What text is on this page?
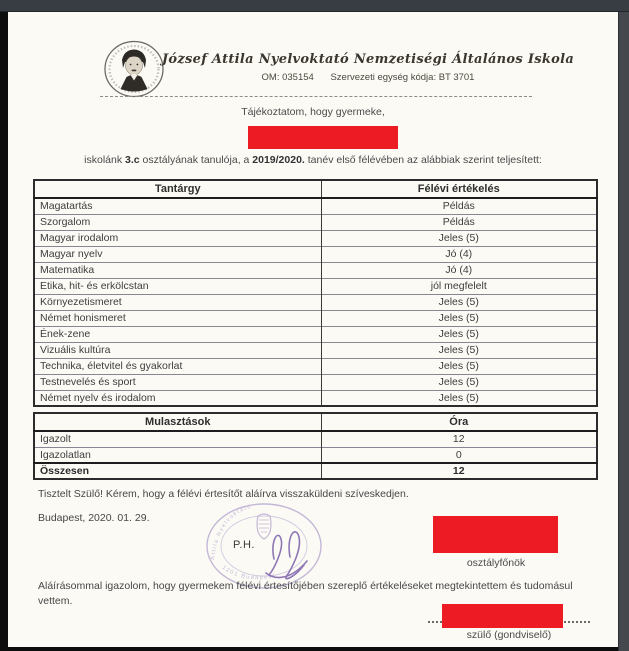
József Attila Nyelvoktató Nemzetiségi Általános Iskola
OM: 035154 Szervezeti egység kódja: BT 3701
Tájékoztatom, hogy gyermeke,
iskolánk 3.c osztályának tanulója, a 2019/2020. tanév első félévében az alábbiak szerint teljesített:
Tantárgy	Félévi értékelés
Magatartás	Példás
Szorgalom	Példás
Magyar irodalom	Jeles (5)
Magyar nyelv	Jó (4)
Matematika	Jó (4)
Etika, hit- és erkölcstan	jól megfelelt
Környezetismeret	Jeles (5)
Német honismeret	Jeles (5)
Ének-zene	Jeles (5)
Vizuális kultúra	Jeles (5)
Technika, életvitel és gyakorlat	Jeles (5)
Testnevelés és sport	Jeles (5)
Német nyelv és irodalom	Jeles (5)
Mulasztások	Óra
Igazolt	12
Igazolatlan	0
Összesen	12
Tisztelt Szülő! Kérem, hogy a félévi értesítőt aláírva visszaküldeni szíveskedjen.
Budapest, 2020. 01. 29.
Attila Nyelvoktató
1201 Budapest
P.H.
osztályfőnök
Aláírásommal igazolom, hogy gyermekem félévi értesítőjében szereplő értékeléseket megtekintettem és tudomásul
vettem.
szülő (gondviselő)
